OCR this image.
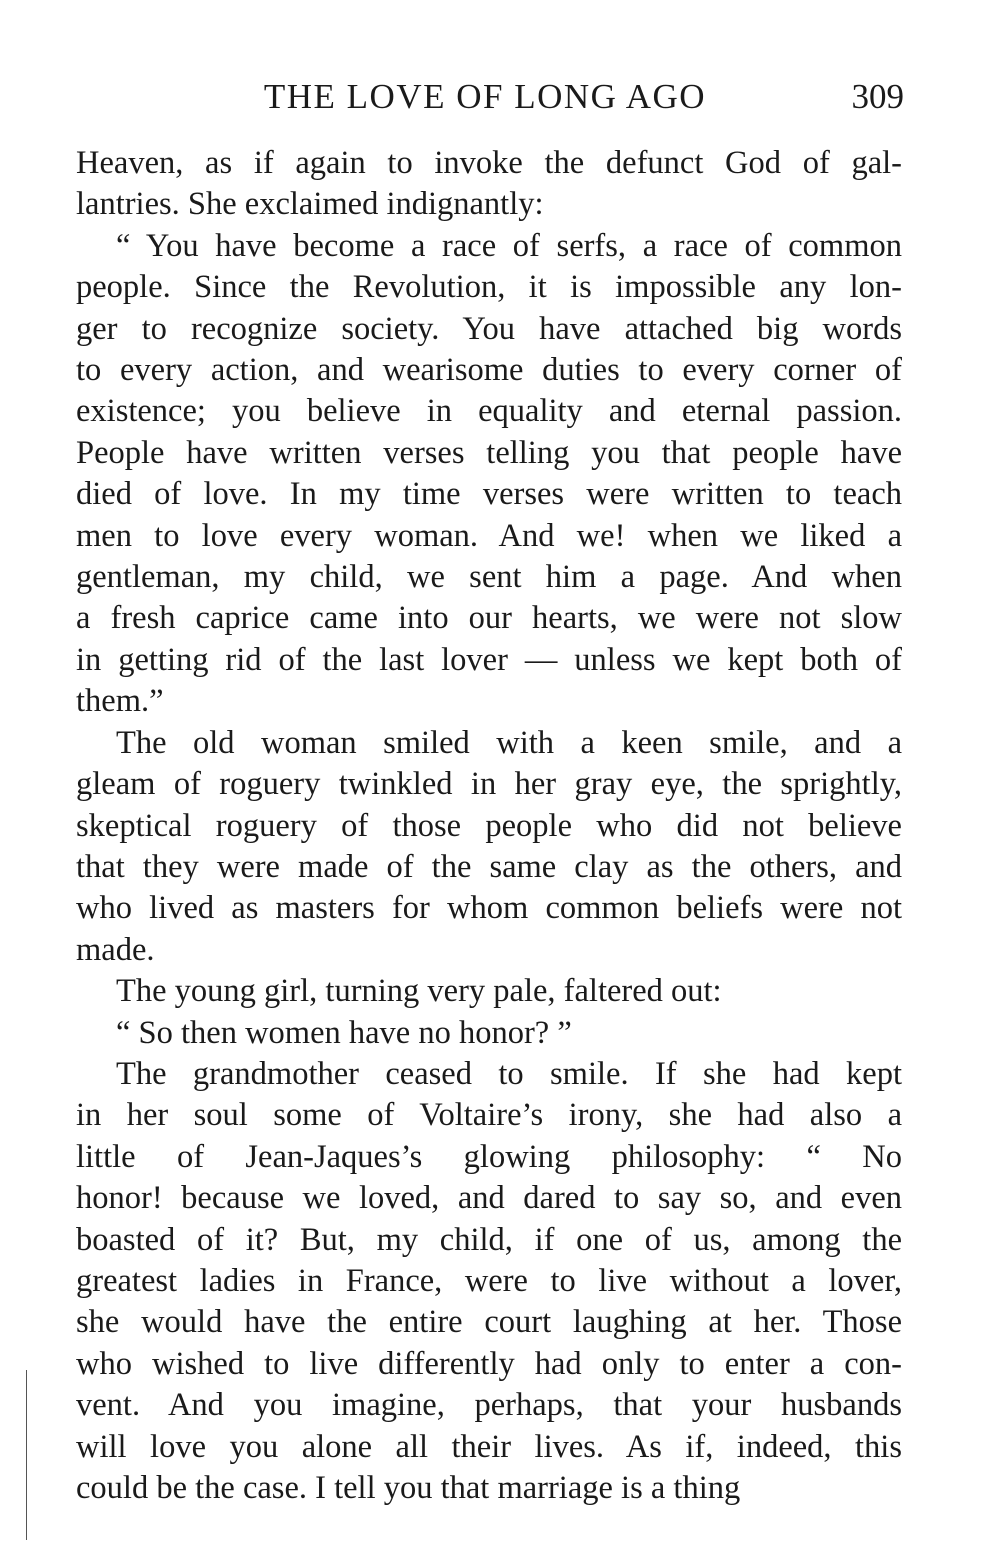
THE LOVE OF LONG AGO	309

Heaven, as if again to invoke the defunct God of gal-
lantries. She exclaimed indignantly:

“ You have become a race of serfs, a race of common
people. Since the Revolution, it is impossible any lon-
ger to recognize society. You have attached big words
to every action, and wearisome duties to every corner of
existence; you believe in equality and eternal passion.
People have written verses telling you that people have
died of love. In my time verses were written to teach
men to love every woman. And we! when we liked a
gentleman, my child, we sent him a page. And when
a fresh caprice came into our hearts, we were not slow
in getting rid of the last lover — unless we kept both of
them.”

The old woman smiled with a keen smile, and a
gleam of roguery twinkled in her gray eye, the sprightly,
skeptical roguery of those people who did not believe
that they were made of the same clay as the others, and
who lived as masters for whom common beliefs were not
made.

The young girl, turning very pale, faltered out:

“ So then women have no honor? ”

The grandmother ceased to smile. If she had kept
in her soul some of Voltaire’s irony, she had also a
little of Jean-Jaques’s glowing philosophy: “ No
honor! because we loved, and dared to say so, and even
boasted of it? But, my child, if one of us, among the
greatest ladies in France, were to live without a lover,
she would have the entire court laughing at her. Those
who wished to live differently had only to enter a con-
vent. And you imagine, perhaps, that your husbands
will love you alone all their lives. As if, indeed, this
could be the case. I tell you that marriage is a thing
